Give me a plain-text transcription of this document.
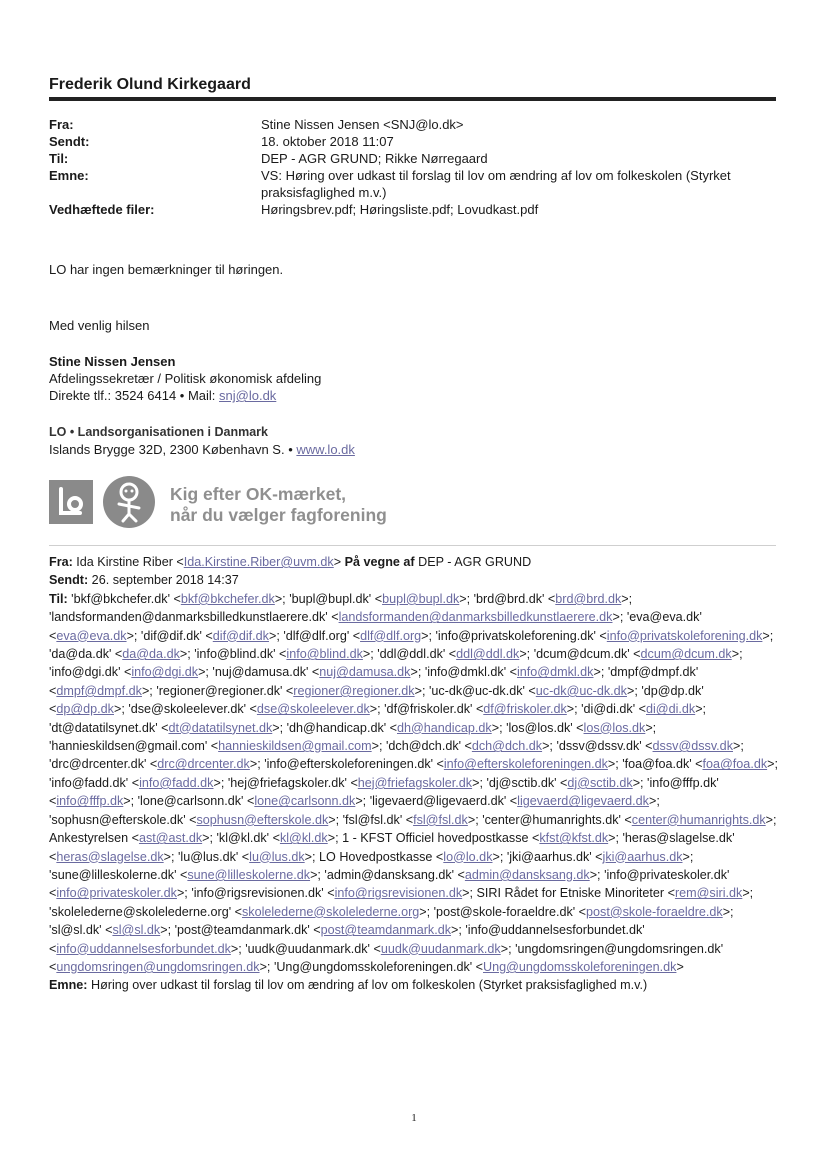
Frederik Olund Kirkegaard
Fra:	Stine Nissen Jensen <SNJ@lo.dk>
Sendt:	18. oktober 2018 11:07
Til:	DEP - AGR GRUND; Rikke Nørregaard
Emne:	VS: Høring over udkast til forslag til lov om ændring af lov om folkeskolen (Styrket praksisfaglighed m.v.)
Vedhæftede filer:	Høringsbrev.pdf; Høringsliste.pdf; Lovudkast.pdf
LO har ingen bemærkninger til høringen.
Med venlig hilsen
Stine Nissen Jensen
Afdelingssekretær / Politisk økonomisk afdeling
Direkte tlf.: 3524 6414 • Mail: snj@lo.dk
LO • Landsorganisationen i Danmark
Islands Brygge 32D, 2300 København S. • www.lo.dk
Kig efter OK-mærket,
når du vælger fagforening
Fra: Ida Kirstine Riber <Ida.Kirstine.Riber@uvm.dk> På vegne af DEP - AGR GRUND
Sendt: 26. september 2018 14:37
Til: 'bkf@bkchefer.dk' <bkf@bkchefer.dk>; 'bupl@bupl.dk' <bupl@bupl.dk>; 'brd@brd.dk' <brd@brd.dk>; 'landsformanden@danmarksbilledkunstlaerere.dk' <landsformanden@danmarksbilledkunstlaerere.dk>; 'eva@eva.dk' <eva@eva.dk>; 'dif@dif.dk' <dif@dif.dk>; 'dlf@dlf.org' <dlf@dlf.org>; 'info@privatskoleforening.dk' <info@privatskoleforening.dk>; 'da@da.dk' <da@da.dk>; 'info@blind.dk' <info@blind.dk>; 'ddl@ddl.dk' <ddl@ddl.dk>; 'dcum@dcum.dk' <dcum@dcum.dk>; 'info@dgi.dk' <info@dgi.dk>; 'nuj@damusa.dk' <nuj@damusa.dk>; 'info@dmkl.dk' <info@dmkl.dk>; 'dmpf@dmpf.dk' <dmpf@dmpf.dk>; 'regioner@regioner.dk' <regioner@regioner.dk>; 'uc-dk@uc-dk.dk' <uc-dk@uc-dk.dk>; 'dp@dp.dk' <dp@dp.dk>; 'dse@skoleelever.dk' <dse@skoleelever.dk>; 'df@friskoler.dk' <df@friskoler.dk>; 'di@di.dk' <di@di.dk>; 'dt@datatilsynet.dk' <dt@datatilsynet.dk>; 'dh@handicap.dk' <dh@handicap.dk>; 'los@los.dk' <los@los.dk>; 'hannieskildsen@gmail.com' <hannieskildsen@gmail.com>; 'dch@dch.dk' <dch@dch.dk>; 'dssv@dssv.dk' <dssv@dssv.dk>; 'drc@drcenter.dk' <drc@drcenter.dk>; 'info@efterskoleforeningen.dk' <info@efterskoleforeningen.dk>; 'foa@foa.dk' <foa@foa.dk>; 'info@fadd.dk' <info@fadd.dk>; 'hej@friefagskoler.dk' <hej@friefagskoler.dk>; 'dj@sctib.dk' <dj@sctib.dk>; 'info@fffp.dk' <info@fffp.dk>; 'lone@carlsonn.dk' <lone@carlsonn.dk>; 'ligevaerd@ligevaerd.dk' <ligevaerd@ligevaerd.dk>; 'sophusn@efterskole.dk' <sophusn@efterskole.dk>; 'fsl@fsl.dk' <fsl@fsl.dk>; 'center@humanrights.dk' <center@humanrights.dk>; Ankestyrelsen <ast@ast.dk>; 'kl@kl.dk' <kl@kl.dk>; 1 - KFST Officiel hovedpostkasse <kfst@kfst.dk>; 'heras@slagelse.dk' <heras@slagelse.dk>; 'lu@lus.dk' <lu@lus.dk>; LO Hovedpostkasse <lo@lo.dk>; 'jki@aarhus.dk' <jki@aarhus.dk>; 'sune@lilleskolerne.dk' <sune@lilleskolerne.dk>; 'admin@dansksang.dk' <admin@dansksang.dk>; 'info@privateskoler.dk' <info@privateskoler.dk>; 'info@rigsrevisionen.dk' <info@rigsrevisionen.dk>; SIRI Rådet for Etniske Minoriteter <rem@siri.dk>; 'skolelederne@skolelederne.org' <skolelederne@skolelederne.org>; 'post@skole-foraeldre.dk' <post@skole-foraeldre.dk>; 'sl@sl.dk' <sl@sl.dk>; 'post@teamdanmark.dk' <post@teamdanmark.dk>; 'info@uddannelsesforbundet.dk' <info@uddannelsesforbundet.dk>; 'uudk@uudanmark.dk' <uudk@uudanmark.dk>; 'ungdomsringen@ungdomsringen.dk' <ungdomsringen@ungdomsringen.dk>; 'Ung@ungdomsskoleforeningen.dk' <Ung@ungdomsskoleforeningen.dk>
Emne: Høring over udkast til forslag til lov om ændring af lov om folkeskolen (Styrket praksisfaglighed m.v.)
1
